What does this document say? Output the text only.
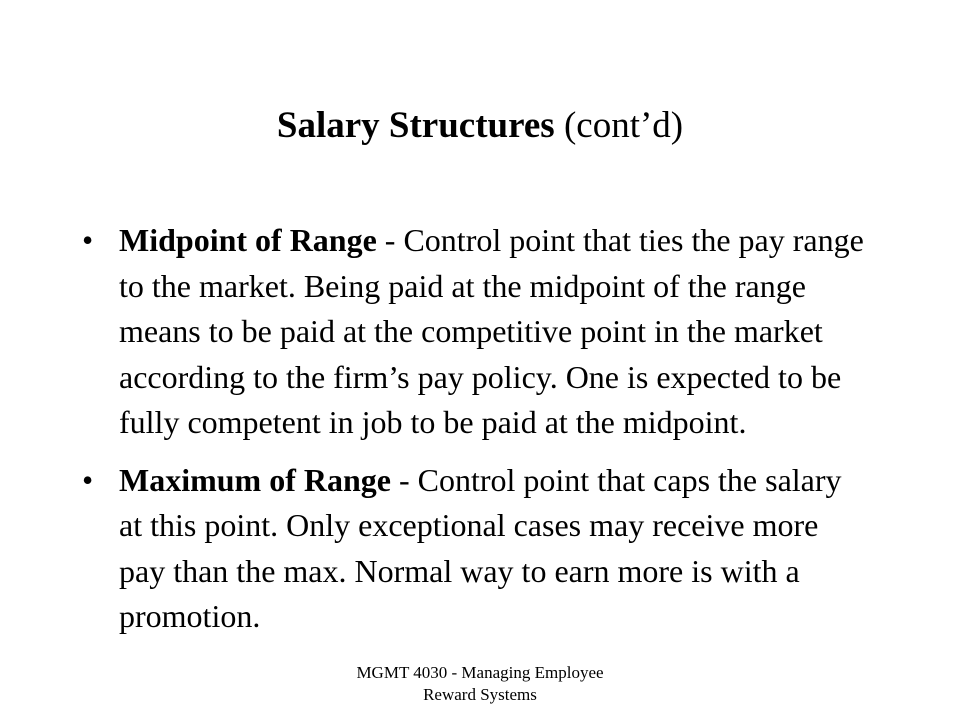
Salary Structures (cont’d)
• Midpoint of Range - Control point that ties the pay range to the market. Being paid at the midpoint of the range means to be paid at the competitive point in the market according to the firm’s pay policy. One is expected to be fully competent in job to be paid at the midpoint.
• Maximum of Range - Control point that caps the salary at this point. Only exceptional cases may receive more pay than the max. Normal way to earn more is with a promotion.
MGMT 4030 - Managing Employee
Reward Systems
